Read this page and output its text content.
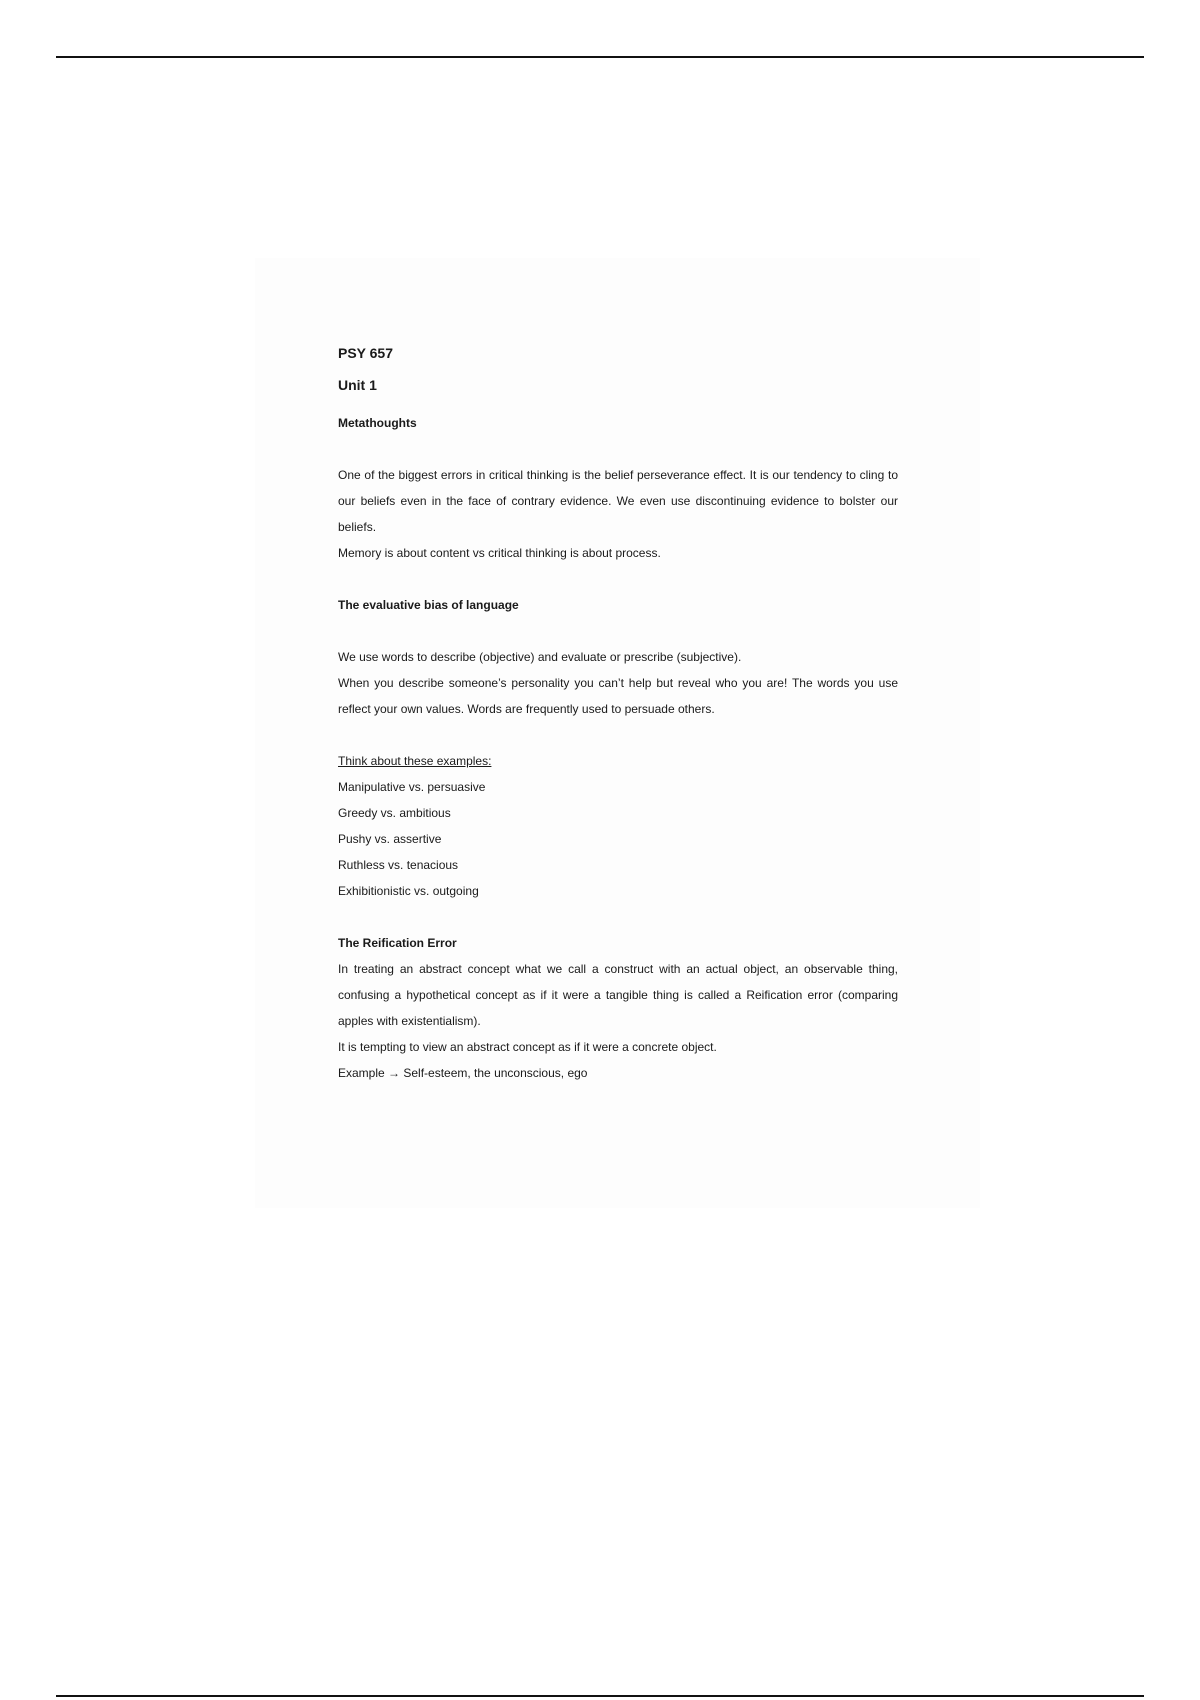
PSY 657

Unit 1

Metathoughts

One of the biggest errors in critical thinking is the belief perseverance effect. It is our tendency to cling to our beliefs even in the face of contrary evidence. We even use discontinuing evidence to bolster our beliefs.

Memory is about content vs critical thinking is about process.

The evaluative bias of language

We use words to describe (objective) and evaluate or prescribe (subjective).

When you describe someone’s personality you can’t help but reveal who you are! The words you use reflect your own values. Words are frequently used to persuade others.

Think about these examples:

Manipulative vs. persuasive

Greedy vs. ambitious

Pushy vs. assertive

Ruthless vs. tenacious

Exhibitionistic vs. outgoing

The Reification Error

In treating an abstract concept what we call a construct with an actual object, an observable thing, confusing a hypothetical concept as if it were a tangible thing is called a Reification error (comparing apples with existentialism).

It is tempting to view an abstract concept as if it were a concrete object.

Example → Self-esteem, the unconscious, ego
